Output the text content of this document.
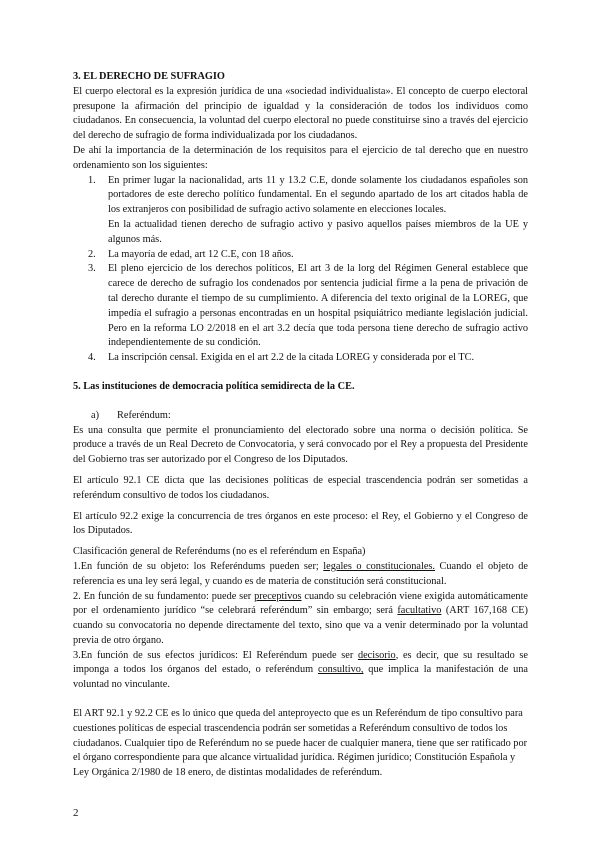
3. EL DERECHO DE SUFRAGIO

El cuerpo electoral es la expresión jurídica de una «sociedad individualista». El concepto de cuerpo electoral presupone la afirmación del principio de igualdad y la consideración de todos los individuos como ciudadanos. En consecuencia, la voluntad del cuerpo electoral no puede constituirse sino a través del ejercicio del derecho de sufragio de forma individualizada por los ciudadanos.

De ahí la importancia de la determinación de los requisitos para el ejercicio de tal derecho que en nuestro ordenamiento son los siguientes:

1. En primer lugar la nacionalidad, arts 11 y 13.2 C.E, donde solamente los ciudadanos españoles son portadores de este derecho político fundamental. En el segundo apartado de los art citados habla de los extranjeros con posibilidad de sufragio activo solamente en elecciones locales.
En la actualidad tienen derecho de sufragio activo y pasivo aquellos países miembros de la UE y algunos más.
2. La mayoría de edad, art 12 C.E, con 18 años.
3. El pleno ejercicio de los derechos políticos, El art 3 de la lorg del Régimen General establece que carece de derecho de sufragio los condenados por sentencia judicial firme a la pena de privación de tal derecho durante el tiempo de su cumplimiento. A diferencia del texto original de la LOREG, que impedía el sufragio a personas encontradas en un hospital psiquiátrico mediante legislación judicial. Pero en la reforma LO 2/2018 en el art 3.2 decía que toda persona tiene derecho de sufragio activo independientemente de su condición.
4. La inscripción censal. Exigida en el art 2.2 de la citada LOREG y considerada por el TC.

5. Las instituciones de democracia política semidirecta de la CE.

a) Referéndum:

Es una consulta que permite el pronunciamiento del electorado sobre una norma o decisión política. Se produce a través de un Real Decreto de Convocatoria, y será convocado por el Rey a propuesta del Presidente del Gobierno tras ser autorizado por el Congreso de los Diputados.

El artículo 92.1 CE dicta que las decisiones políticas de especial trascendencia podrán ser sometidas a referéndum consultivo de todos los ciudadanos.

El artículo 92.2 exige la concurrencia de tres órganos en este proceso: el Rey, el Gobierno y el Congreso de los Diputados.

Clasificación general de Referéndums (no es el referéndum en España)

1.En función de su objeto: los Referéndums pueden ser; legales o constitucionales. Cuando el objeto de referencia es una ley será legal, y cuando es de materia de constitución será constitucional.

2. En función de su fundamento: puede ser preceptivos cuando su celebración viene exigida automáticamente por el ordenamiento jurídico “se celebrará referéndum” sin embargo; será facultativo (ART 167,168 CE) cuando su convocatoria no depende directamente del texto, sino que va a venir determinado por la voluntad previa de otro órgano.

3.En función de sus efectos jurídicos: El Referéndum puede ser decisorio, es decir, que su resultado se imponga a todos los órganos del estado, o referéndum consultivo, que implica la manifestación de una voluntad no vinculante.

El ART 92.1 y 92.2 CE es lo único que queda del anteproyecto que es un Referéndum de tipo consultivo para cuestiones políticas de especial trascendencia podrán ser sometidas a Referéndum consultivo de todos los ciudadanos. Cualquier tipo de Referéndum no se puede hacer de cualquier manera, tiene que ser ratificado por el órgano correspondiente para que alcance virtualidad jurídica. Régimen jurídico; Constitución Española y Ley Orgánica 2/1980 de 18 enero, de distintas modalidades de referéndum.

2
